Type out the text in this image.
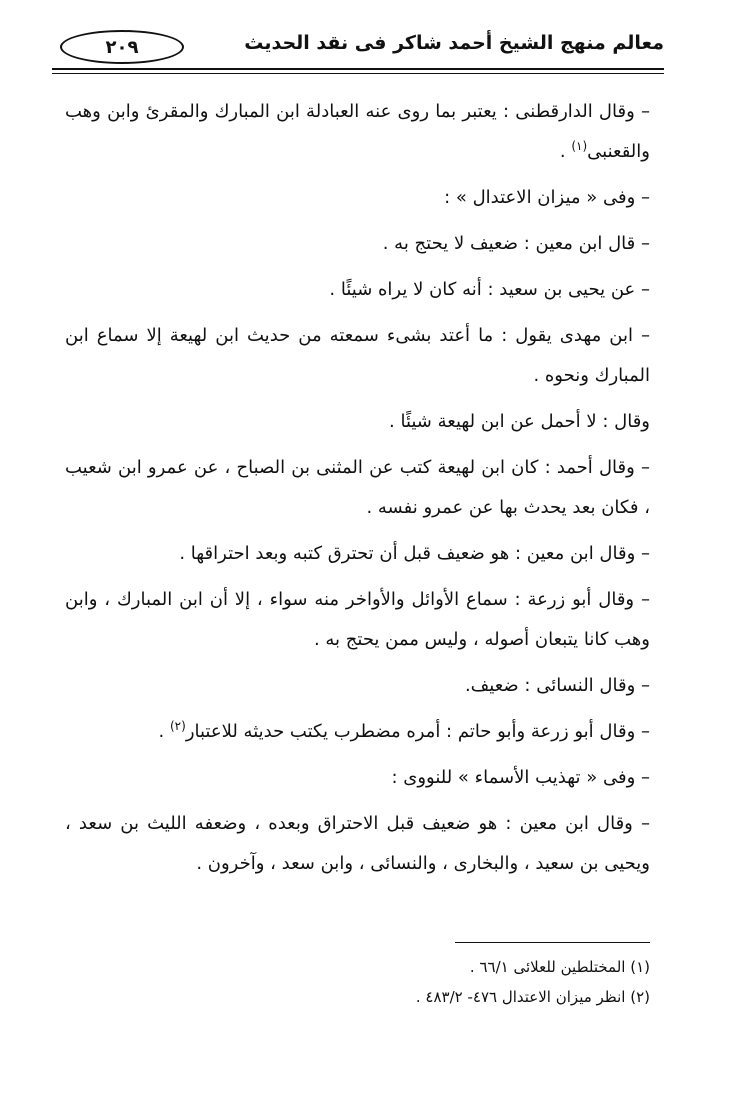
معالم منهج الشيخ أحمد شاكر فى نقد الحديث
٢٠٩

– وقال الدارقطنى : يعتبر بما روى عنه العبادلة ابن المبارك والمقرئ وابن وهب والقعنبى$^{(١)}$ .

– وفى « ميزان الاعتدال » :

– قال ابن معين : ضعيف لا يحتج به .

– عن يحيى بن سعيد : أنه كان لا يراه شيئًا .

– ابن مهدى يقول : ما أعتد بشىء سمعته من حديث ابن لهيعة إلا سماع ابن المبارك ونحوه .

وقال : لا أحمل عن ابن لهيعة شيئًا .

– وقال أحمد : كان ابن لهيعة كتب عن المثنى بن الصباح ، عن عمرو ابن شعيب ، فكان بعد يحدث بها عن عمرو نفسه .

– وقال ابن معين : هو ضعيف قبل أن تحترق كتبه وبعد احتراقها .

– وقال أبو زرعة : سماع الأوائل والأواخر منه سواء ، إلا أن ابن المبارك ، وابن وهب كانا يتبعان أصوله ، وليس ممن يحتج به .

– وقال النسائى : ضعيف.

– وقال أبو زرعة وأبو حاتم : أمره مضطرب يكتب حديثه للاعتبار$^{(٢)}$ .

– وفى « تهذيب الأسماء » للنووى :

– وقال ابن معين : هو ضعيف قبل الاحتراق وبعده ، وضعفه الليث بن سعد ، ويحيى بن سعيد ، والبخارى ، والنسائى ، وابن سعد ، وآخرون .

(١) المختلطين للعلائى ٦٦/١ .

(٢) انظر ميزان الاعتدال ٤٧٦- ٤٨٣/٢ .
